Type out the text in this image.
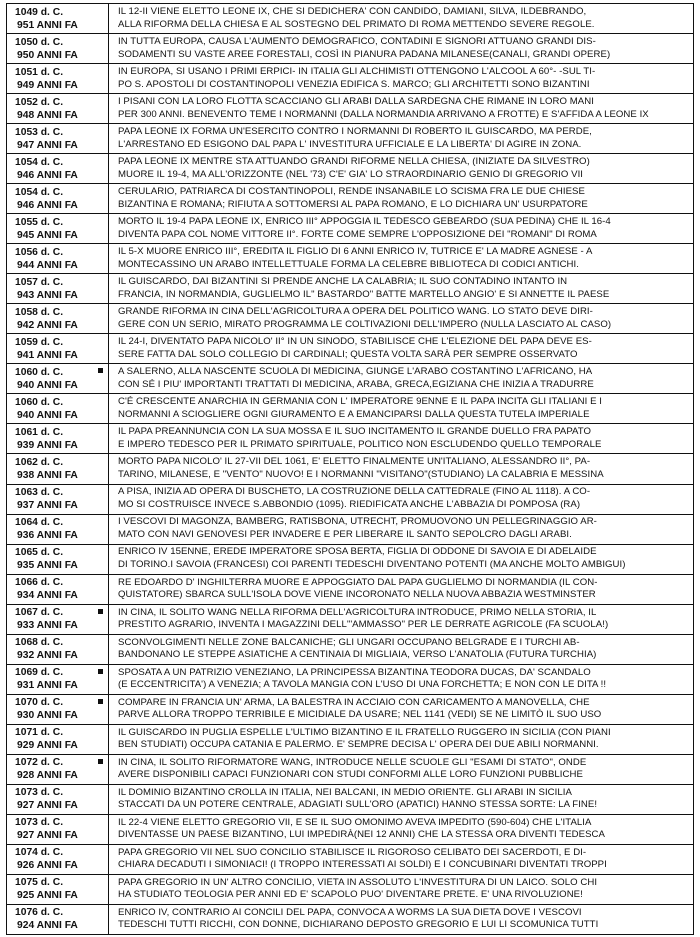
1049 d. C.
951 ANNI FA
IL 12-II VIENE ELETTO LEONE IX, CHE SI DEDICHERA' CON CANDIDO, DAMIANI, SILVA, ILDEBRANDO,
ALLA RIFORMA DELLA CHIESA E AL SOSTEGNO DEL PRIMATO DI ROMA METTENDO SEVERE REGOLE.
1050 d. C.
950 ANNI FA
IN TUTTA EUROPA, CAUSA L'AUMENTO DEMOGRAFICO, CONTADINI E SIGNORI ATTUANO GRANDI DIS-
SODAMENTI SU VASTE AREE FORESTALI, COSÌ IN PIANURA PADANA MILANESE(CANALI, GRANDI OPERE)
1051 d. C.
949 ANNI FA
IN EUROPA, SI USANO I PRIMI ERPICI- IN ITALIA GLI ALCHIMISTI OTTENGONO L'ALCOOL A 60°- -SUL TI-
PO S. APOSTOLI DI COSTANTINOPOLI VENEZIA EDIFICA S. MARCO; GLI ARCHITETTI SONO BIZANTINI
1052 d. C.
948 ANNI FA
I PISANI CON LA LORO FLOTTA SCACCIANO GLI ARABI DALLA SARDEGNA CHE RIMANE IN LORO MANI
PER 300 ANNI. BENEVENTO TEME I NORMANNI (DALLA NORMANDIA ARRIVANO A FROTTE) E S'AFFIDA A LEONE IX
1053 d. C.
947 ANNI FA
PAPA LEONE IX FORMA UN'ESERCITO CONTRO I NORMANNI DI ROBERTO IL GUISCARDO, MA PERDE,
L'ARRESTANO ED ESIGONO DAL PAPA L' INVESTITURA UFFICIALE E LA LIBERTA' DI AGIRE IN ZONA.
1054 d. C.
946 ANNI FA
PAPA LEONE IX MENTRE STA ATTUANDO GRANDI RIFORME NELLA CHIESA, (INIZIATE DA SILVESTRO)
MUORE IL 19-4, MA ALL'ORIZZONTE (NEL '73) C'E' GIA' LO STRAORDINARIO GENIO DI GREGORIO VII
1054 d. C.
946 ANNI FA
CERULARIO, PATRIARCA DI COSTANTINOPOLI, RENDE INSANABILE LO SCISMA FRA LE DUE CHIESE
BIZANTINA E ROMANA; RIFIUTA A SOTTOMERSI AL PAPA ROMANO, E LO DICHIARA UN' USURPATORE
1055 d. C.
945 ANNI FA
MORTO IL 19-4 PAPA LEONE IX, ENRICO III° APPOGGIA IL TEDESCO GEBEARDO (SUA PEDINA) CHE IL 16-4
DIVENTA PAPA COL NOME VITTORE II°. FORTE COME SEMPRE L'OPPOSIZIONE DEI "ROMANI" DI ROMA
1056 d. C.
944 ANNI FA
IL 5-X MUORE ENRICO III°, EREDITA IL FIGLIO DI 6 ANNI ENRICO IV, TUTRICE E' LA MADRE AGNESE - A
MONTECASSINO UN ARABO INTELLETTUALE FORMA LA CELEBRE BIBLIOTECA DI CODICI ANTICHI.
1057 d. C.
943 ANNI FA
IL GUISCARDO, DAI BIZANTINI SI PRENDE ANCHE LA CALABRIA; IL SUO CONTADINO INTANTO IN
FRANCIA, IN NORMANDIA, GUGLIELMO IL" BASTARDO" BATTE MARTELLO ANGIO' E SI ANNETTE IL PAESE
1058 d. C.
942 ANNI FA
GRANDE RIFORMA IN CINA DELL'AGRICOLTURA A OPERA DEL POLITICO WANG. LO STATO DEVE DIRI-
GERE CON UN SERIO, MIRATO PROGRAMMA LE COLTIVAZIONI DELL'IMPERO (NULLA LASCIATO AL CASO)
1059 d. C.
941 ANNI FA
IL 24-I, DIVENTATO PAPA NICOLO' II° IN UN SINODO, STABILISCE CHE L'ELEZIONE DEL PAPA DEVE ES-
SERE FATTA DAL SOLO COLLEGIO DI CARDINALI; QUESTA VOLTA SARÀ PER SEMPRE OSSERVATO
1060 d. C.
940 ANNI FA
A SALERNO, ALLA NASCENTE SCUOLA DI MEDICINA, GIUNGE L'ARABO COSTANTINO L'AFRICANO, HA
CON SÉ I PIU' IMPORTANTI TRATTATI DI MEDICINA, ARABA, GRECA,EGIZIANA CHE INIZIA A TRADURRE
1060 d. C.
940 ANNI FA
C'É CRESCENTE ANARCHIA IN GERMANIA CON L' IMPERATORE 9ENNE E IL PAPA INCITA GLI ITALIANI E I
NORMANNI A SCIOGLIERE OGNI GIURAMENTO E A EMANCIPARSI DALLA QUESTA TUTELA IMPERIALE
1061 d. C.
939 ANNI FA
IL PAPA PREANNUNCIA CON LA SUA MOSSA E IL SUO INCITAMENTO IL GRANDE DUELLO FRA PAPATO
E IMPERO TEDESCO PER IL PRIMATO SPIRITUALE, POLITICO NON ESCLUDENDO QUELLO TEMPORALE
1062 d. C.
938 ANNI FA
MORTO PAPA NICOLO' IL 27-VII DEL 1061, E' ELETTO FINALMENTE UN'ITALIANO, ALESSANDRO II°, PA-
TARINO, MILANESE, E "VENTO" NUOVO! E I NORMANNI "VISITANO"(STUDIANO) LA CALABRIA E MESSINA
1063 d. C.
937 ANNI FA
A PISA, INIZIA AD OPERA DI BUSCHETO, LA COSTRUZIONE DELLA CATTEDRALE (FINO AL 1118). A CO-
MO SI COSTRUISCE INVECE S.ABBONDIO (1095). RIEDIFICATA ANCHE L'ABBAZIA DI POMPOSA (RA)
1064 d. C.
936 ANNI FA
I VESCOVI DI MAGONZA, BAMBERG, RATISBONA, UTRECHT, PROMUOVONO UN PELLEGRINAGGIO AR-
MATO CON NAVI GENOVESI PER INVADERE E PER LIBERARE IL SANTO SEPOLCRO DAGLI ARABI.
1065 d. C.
935 ANNI FA
ENRICO IV 15ENNE, EREDE IMPERATORE SPOSA BERTA, FIGLIA DI ODDONE DI SAVOIA E DI ADELAIDE
DI TORINO.I SAVOIA (FRANCESI) COI PARENTI TEDESCHI DIVENTANO POTENTI (MA ANCHE MOLTO AMBIGUI)
1066 d. C.
934 ANNI FA
RE EDOARDO D' INGHILTERRA MUORE E APPOGGIATO DAL PAPA GUGLIELMO DI NORMANDIA (IL CON-
QUISTATORE) SBARCA SULL'ISOLA DOVE VIENE INCORONATO NELLA NUOVA ABBAZIA WESTMINSTER
1067 d. C.
933 ANNI FA
IN CINA, IL SOLITO WANG NELLA RIFORMA DELL'AGRICOLTURA INTRODUCE, PRIMO NELLA STORIA, IL
PRESTITO AGRARIO, INVENTA I MAGAZZINI DELL'"AMMASSO" PER LE DERRATE AGRICOLE (FA SCUOLA!)
1068 d. C.
932 ANNI FA
SCONVOLGIMENTI NELLE ZONE BALCANICHE; GLI UNGARI OCCUPANO BELGRADE E I TURCHI AB-
BANDONANO LE STEPPE ASIATICHE A CENTINAIA DI MIGLIAIA, VERSO L'ANATOLIA (FUTURA TURCHIA)
1069 d. C.
931 ANNI FA
SPOSATA A UN PATRIZIO VENEZIANO, LA PRINCIPESSA BIZANTINA TEODORA DUCAS, DA' SCANDALO
(E ECCENTRICITA') A VENEZIA; A TAVOLA MANGIA CON L'USO DI UNA FORCHETTA; E NON CON LE DITA !!
1070 d. C.
930 ANNI FA
COMPARE IN FRANCIA UN' ARMA, LA BALESTRA IN ACCIAIO CON CARICAMENTO A MANOVELLA, CHE
PARVE ALLORA TROPPO TERRIBILE E MICIDIALE DA USARE; NEL 1141 (VEDI) SE NE LIMITÒ IL SUO USO
1071 d. C.
929 ANNI FA
IL GUISCARDO IN PUGLIA ESPELLE L'ULTIMO BIZANTINO E IL FRATELLO RUGGERO IN SICILIA (CON PIANI
BEN STUDIATI) OCCUPA CATANIA E PALERMO. E' SEMPRE DECISA L' OPERA DEI DUE ABILI NORMANNI.
1072 d. C.
928 ANNI FA
IN CINA, IL SOLITO RIFORMATORE WANG, INTRODUCE NELLE SCUOLE GLI "ESAMI DI STATO", ONDE
AVERE DISPONIBILI CAPACI FUNZIONARI CON STUDI CONFORMI ALLE LORO FUNZIONI PUBBLICHE
1073 d. C.
927 ANNI FA
IL DOMINIO BIZANTINO CROLLA IN ITALIA, NEI BALCANI, IN MEDIO ORIENTE. GLI ARABI IN SICILIA
STACCATI DA UN POTERE CENTRALE, ADAGIATI SULL'ORO (APATICI) HANNO STESSA SORTE: LA FINE!
1073 d. C.
927 ANNI FA
IL 22-4 VIENE ELETTO GREGORIO VII, E SE IL SUO OMONIMO AVEVA IMPEDITO (590-604) CHE L'ITALIA
DIVENTASSE UN PAESE BIZANTINO, LUI IMPEDIRÀ(NEI 12 ANNI) CHE LA STESSA ORA DIVENTI TEDESCA
1074 d. C.
926 ANNI FA
PAPA GREGORIO VII NEL SUO CONCILIO STABILISCE IL RIGOROSO CELIBATO DEI SACERDOTI, E DI-
CHIARA DECADUTI I SIMONIACI! (I TROPPO INTERESSATI AI SOLDI) E I CONCUBINARI DIVENTATI TROPPI
1075 d. C.
925 ANNI FA
PAPA GREGORIO IN UN' ALTRO CONCILIO, VIETA IN ASSOLUTO L'INVESTITURA DI UN LAICO. SOLO CHI
HA STUDIATO TEOLOGIA PER ANNI ED E' SCAPOLO PUO' DIVENTARE PRETE. E' UNA RIVOLUZIONE!
1076 d. C.
924 ANNI FA
ENRICO IV, CONTRARIO AI CONCILI DEL PAPA, CONVOCA A WORMS LA SUA DIETA DOVE I VESCOVI
TEDESCHI TUTTI RICCHI, CON DONNE, DICHIARANO DEPOSTO GREGORIO E LUI LI SCOMUNICA TUTTI
